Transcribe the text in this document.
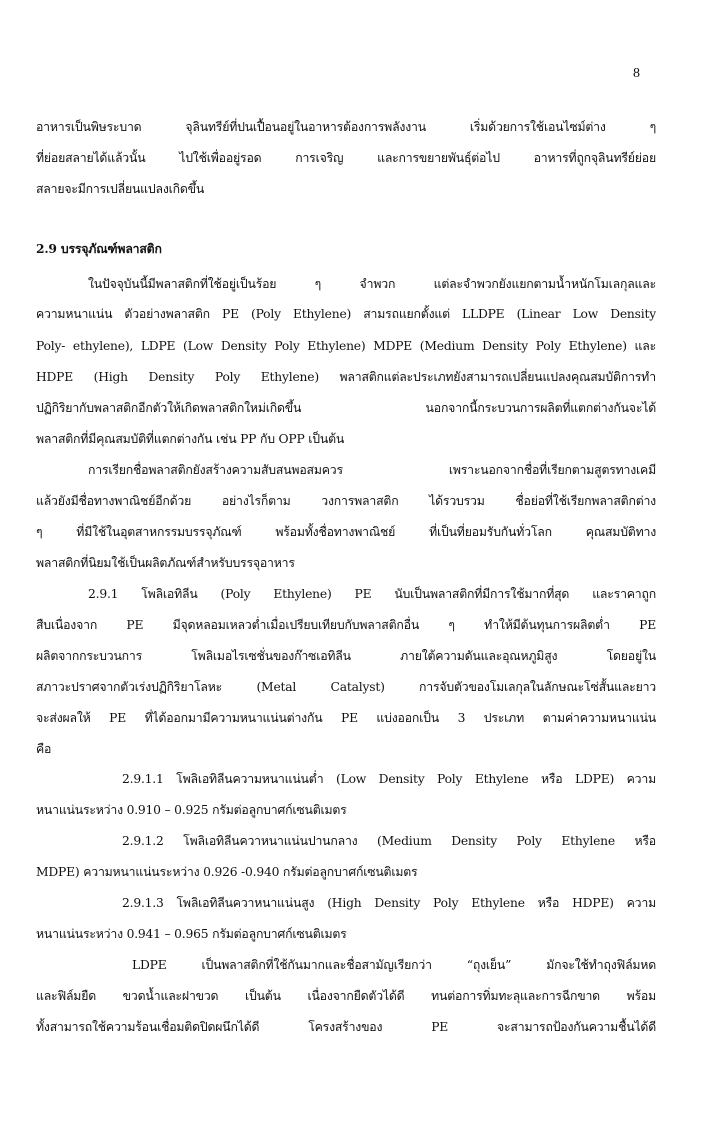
8
อาหารเป็นพิษระบาด จุลินทรีย์ที่ปนเปื้อนอยู่ในอาหารต้องการพลังงาน เริ่มด้วยการใช้เอนไซม์ต่าง ๆ
ที่ย่อยสลายได้แล้วนั้น ไปใช้เพื่ออยู่รอด การเจริญ และการขยายพันธุ์ต่อไป อาหารที่ถูกจุลินทรีย์ย่อย
สลายจะมีการเปลี่ยนแปลงเกิดขึ้น
2.9 บรรจุภัณฑ์พลาสติก
ในปัจจุบันนี้มีพลาสติกที่ใช้อยู่เป็นร้อย ๆ จำพวก แต่ละจำพวกยังแยกตามน้ำหนักโมเลกุลและ
ความหนาแน่น ตัวอย่างพลาสติก PE (Poly Ethylene) สามรถแยกตั้งแต่ LLDPE (Linear Low Density
Poly- ethylene), LDPE (Low Density Poly Ethylene) MDPE (Medium Density Poly Ethylene) และ
HDPE (High Density Poly Ethylene) พลาสติกแต่ละประเภทยังสามารถเปลี่ยนแปลงคุณสมบัติการทำ
ปฏิกิริยากับพลาสติกอีกตัวให้เกิดพลาสติกใหม่เกิดขึ้น นอกจากนี้กระบวนการผลิตที่แตกต่างกันจะได้
พลาสติกที่มีคุณสมบัติที่แตกต่างกัน เช่น PP กับ OPP เป็นต้น
การเรียกชื่อพลาสติกยังสร้างความสับสนพอสมควร เพราะนอกจากชื่อที่เรียกตามสูตรทางเคมี
แล้วยังมีชื่อทางพาณิชย์อีกด้วย อย่างไรก็ตาม วงการพลาสติก ได้รวบรวม ชื่อย่อที่ใช้เรียกพลาสติกต่าง
ๆ ที่มีใช้ในอุตสาหกรรมบรรจุภัณฑ์ พร้อมทั้งชื่อทางพาณิชย์ ที่เป็นที่ยอมรับกันทั่วโลก คุณสมบัติทาง
พลาสติกที่นิยมใช้เป็นผลิตภัณฑ์สำหรับบรรจุอาหาร
2.9.1 โพลิเอทิลีน (Poly Ethylene) PE นับเป็นพลาสติกที่มีการใช้มากที่สุด และราคาถูก
สืบเนื่องจาก PE มีจุดหลอมเหลวต่ำเมื่อเปรียบเทียบกับพลาสติกอื่น ๆ ทำให้มีต้นทุนการผลิตต่ำ PE
ผลิตจากกระบวนการ โพลิเมอไรเซชั่นของก๊าซเอทิลีน ภายใต้ความดันและอุณหภูมิสูง โดยอยู่ใน
สภาวะปราศจากตัวเร่งปฏิกิริยาโลหะ (Metal Catalyst) การจับตัวของโมเลกุลในลักษณะโซ่สั้นและยาว
จะส่งผลให้ PE ที่ได้ออกมามีความหนาแน่นต่างกัน PE แบ่งออกเป็น 3 ประเภท ตามค่าความหนาแน่น
คือ
2.9.1.1 โพลิเอทิลีนความหนาแน่นต่ำ (Low Density Poly Ethylene หรือ LDPE) ความ
หนาแน่นระหว่าง 0.910 – 0.925 กรัมต่อลูกบาศก์เซนติเมตร
2.9.1.2 โพลิเอทิลีนควาหนาแน่นปานกลาง (Medium Density Poly Ethylene หรือ
MDPE) ความหนาแน่นระหว่าง 0.926 -0.940 กรัมต่อลูกบาศก์เซนติเมตร
2.9.1.3 โพลิเอทิลีนควาหนาแน่นสูง (High Density Poly Ethylene หรือ HDPE) ความ
หนาแน่นระหว่าง 0.941 – 0.965 กรัมต่อลูกบาศก์เซนติเมตร
LDPE เป็นพลาสติกที่ใช้กันมากและชื่อสามัญเรียกว่า “ถุงเย็น” มักจะใช้ทำถุงฟิล์มหด
และฟิล์มยืด ขวดน้ำและฝาขวด เป็นต้น เนื่องจากยืดตัวได้ดี ทนต่อการทิ่มทะลุและการฉีกขาด พร้อม
ทั้งสามารถใช้ความร้อนเชื่อมติดปิดผนึกได้ดี โครงสร้างของ PE จะสามารถป้องกันความชื้นได้ดี
